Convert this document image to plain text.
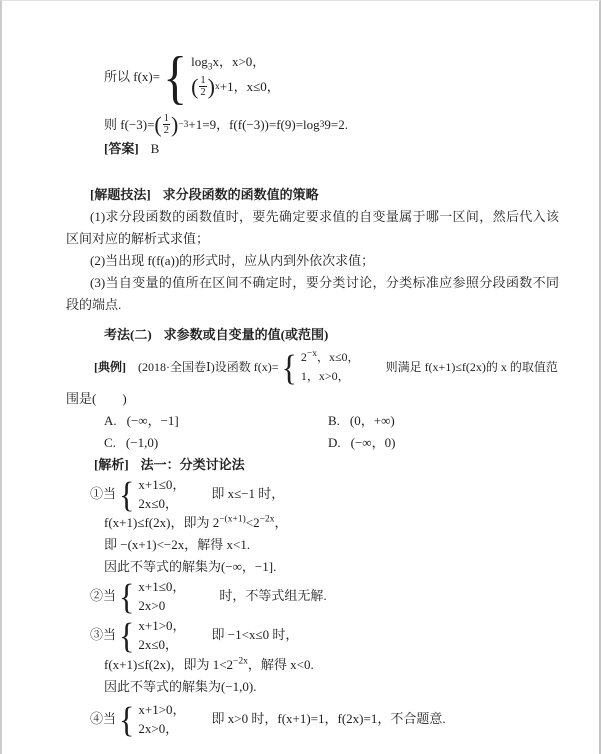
所以 f(x)= { $\log_3x$，x>0，
( $\frac{1}{2}$ ) x +1，x≤0，
则 f(−3)= ( $\frac{1}{2}$ ) −3 +1=9，f(f(−3))=f(9)=log 3 9=2.

[答案] B

[解题技法] 求分段函数的函数值的策略

(1)求分段函数的函数值时，要先确定要求值的自变量属于哪一区间，然后代入该区间对应的解析式求值；

(2)当出现 f(f(a))的形式时，应从内到外依次求值；

(3)当自变量的值所在区间不确定时，要分类讨论，分类标准应参照分段函数不同段的端点.

考法(二) 求参数或自变量的值(或范围)

[典例] (2018·全国卷Ⅰ)设函数 f(x)= { $2^{-x}$，x≤0，
1，x>0，
则满足 f(x+1)≤f(2x)的 x 的取值范

围是(　　)

A. (−∞，−1]	B. (0，+∞)
C. (−1,0)	D. (−∞，0)

[解析] 法一：分类讨论法

①当 { x+1≤0，
2x≤0，
即 x≤−1 时，

f(x+1)≤f(2x)，即为 $2^{-(x+1)}<2^{-2x}$，

即 −(x+1)<−2x，解得 x<1.

因此不等式的解集为(−∞，−1].

②当 { x+1≤0，
2x>0
时，不等式组无解.
③当 { x+1>0，
2x≤0，
即 −1<x≤0 时，

f(x+1)≤f(2x)，即为 $1<2^{-2x}$，解得 x<0.

因此不等式的解集为(−1,0).

④当 { x+1>0，
2x>0，
即 x>0 时，f(x+1)=1，f(2x)=1，不合题意.
